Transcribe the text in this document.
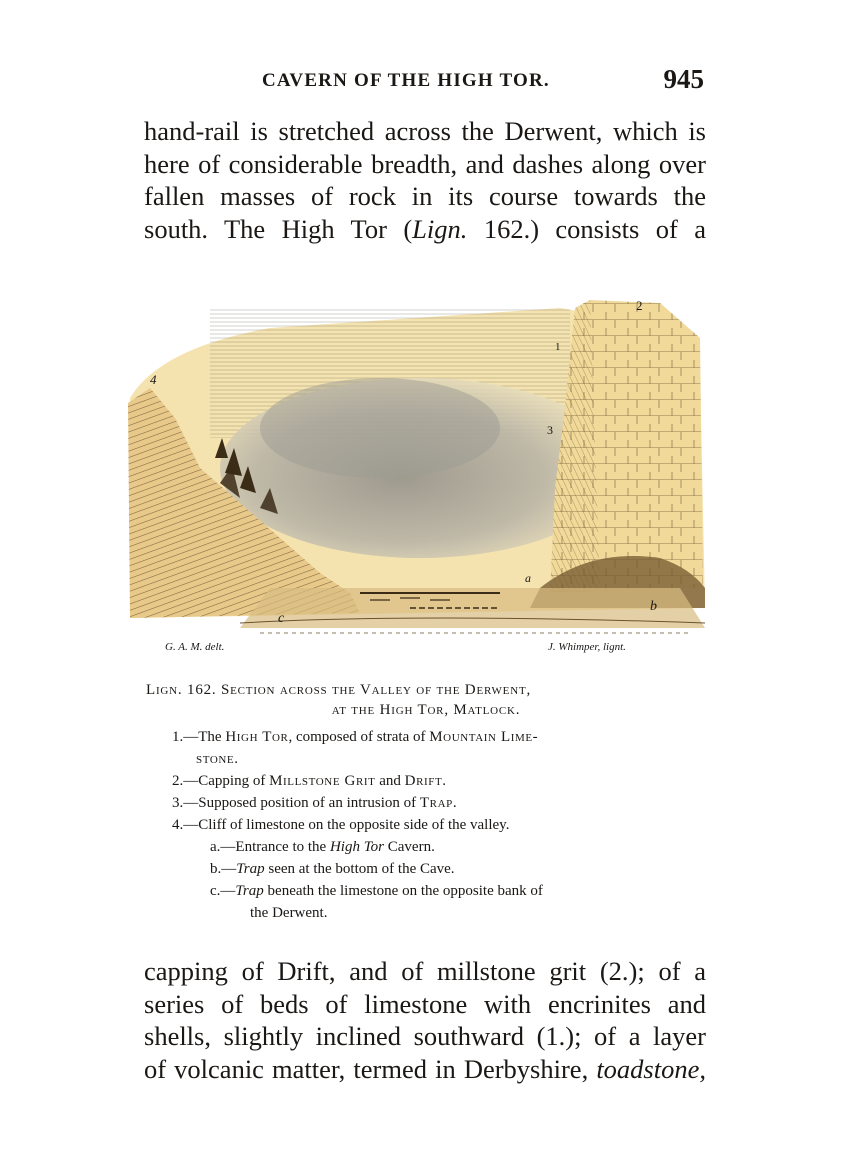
CAVERN OF THE HIGH TOR.	945
hand-rail is stretched across the Derwent, which is
here of considerable breadth, and dashes along over
fallen masses of rock in its course towards the
south. The High Tor (Lign. 162.) consists of a
2
1
3
4
a
b
c
G. A. M. delt.	J. Whimper, lignt.
Lign. 162. Section across the Valley of the Derwent,
at the High Tor, Matlock.
1.—The High Tor, composed of strata of Mountain Lime-
stone.
2.—Capping of Millstone Grit and Drift.
3.—Supposed position of an intrusion of Trap.
4.—Cliff of limestone on the opposite side of the valley.
a.—Entrance to the High Tor Cavern.
b.—Trap seen at the bottom of the Cave.
c.—Trap beneath the limestone on the opposite bank of
the Derwent.
capping of Drift, and of millstone grit (2.); of a
series of beds of limestone with encrinites and
shells, slightly inclined southward (1.); of a layer
of volcanic matter, termed in Derbyshire, toadstone,
